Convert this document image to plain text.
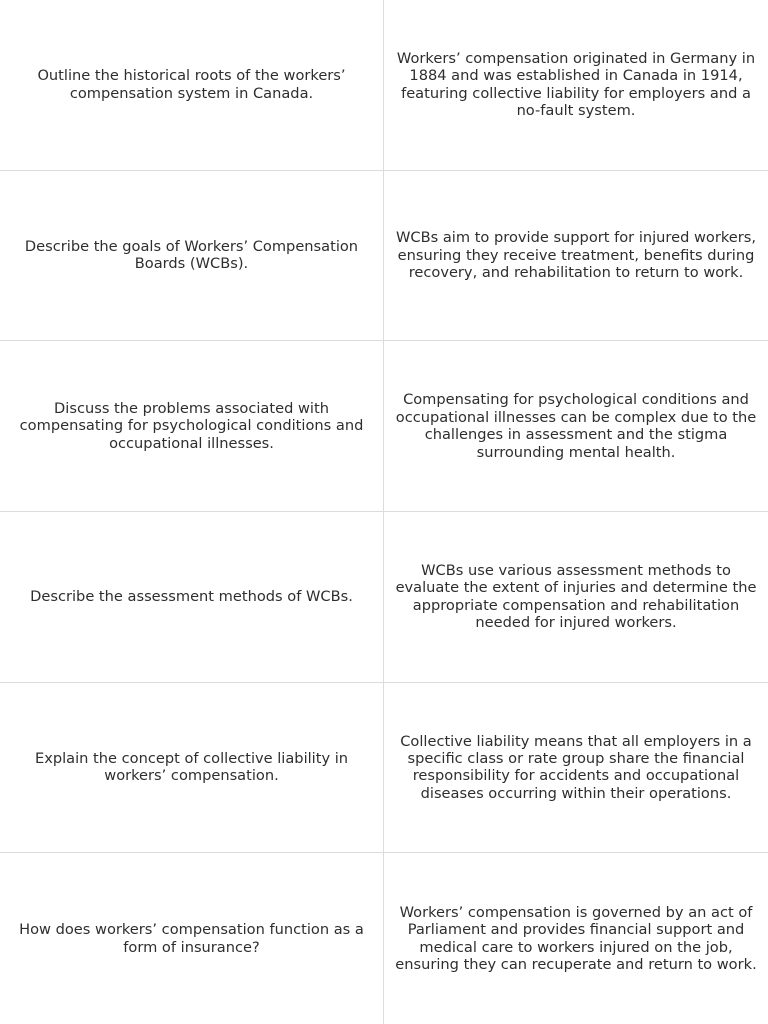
Outline the historical roots of the workers’ compensation system in Canada.
Workers’ compensation originated in Germany in 1884 and was established in Canada in 1914, featuring collective liability for employers and a no-fault system.
Describe the goals of Workers’ Compensation Boards (WCBs).
WCBs aim to provide support for injured workers, ensuring they receive treatment, benefits during recovery, and rehabilitation to return to work.
Discuss the problems associated with compensating for psychological conditions and occupational illnesses.
Compensating for psychological conditions and occupational illnesses can be complex due to the challenges in assessment and the stigma surrounding mental health.
Describe the assessment methods of WCBs.
WCBs use various assessment methods to evaluate the extent of injuries and determine the appropriate compensation and rehabilitation needed for injured workers.
Explain the concept of collective liability in workers’ compensation.
Collective liability means that all employers in a specific class or rate group share the financial responsibility for accidents and occupational diseases occurring within their operations.
How does workers’ compensation function as a form of insurance?
Workers’ compensation is governed by an act of Parliament and provides financial support and medical care to workers injured on the job, ensuring they can recuperate and return to work.
